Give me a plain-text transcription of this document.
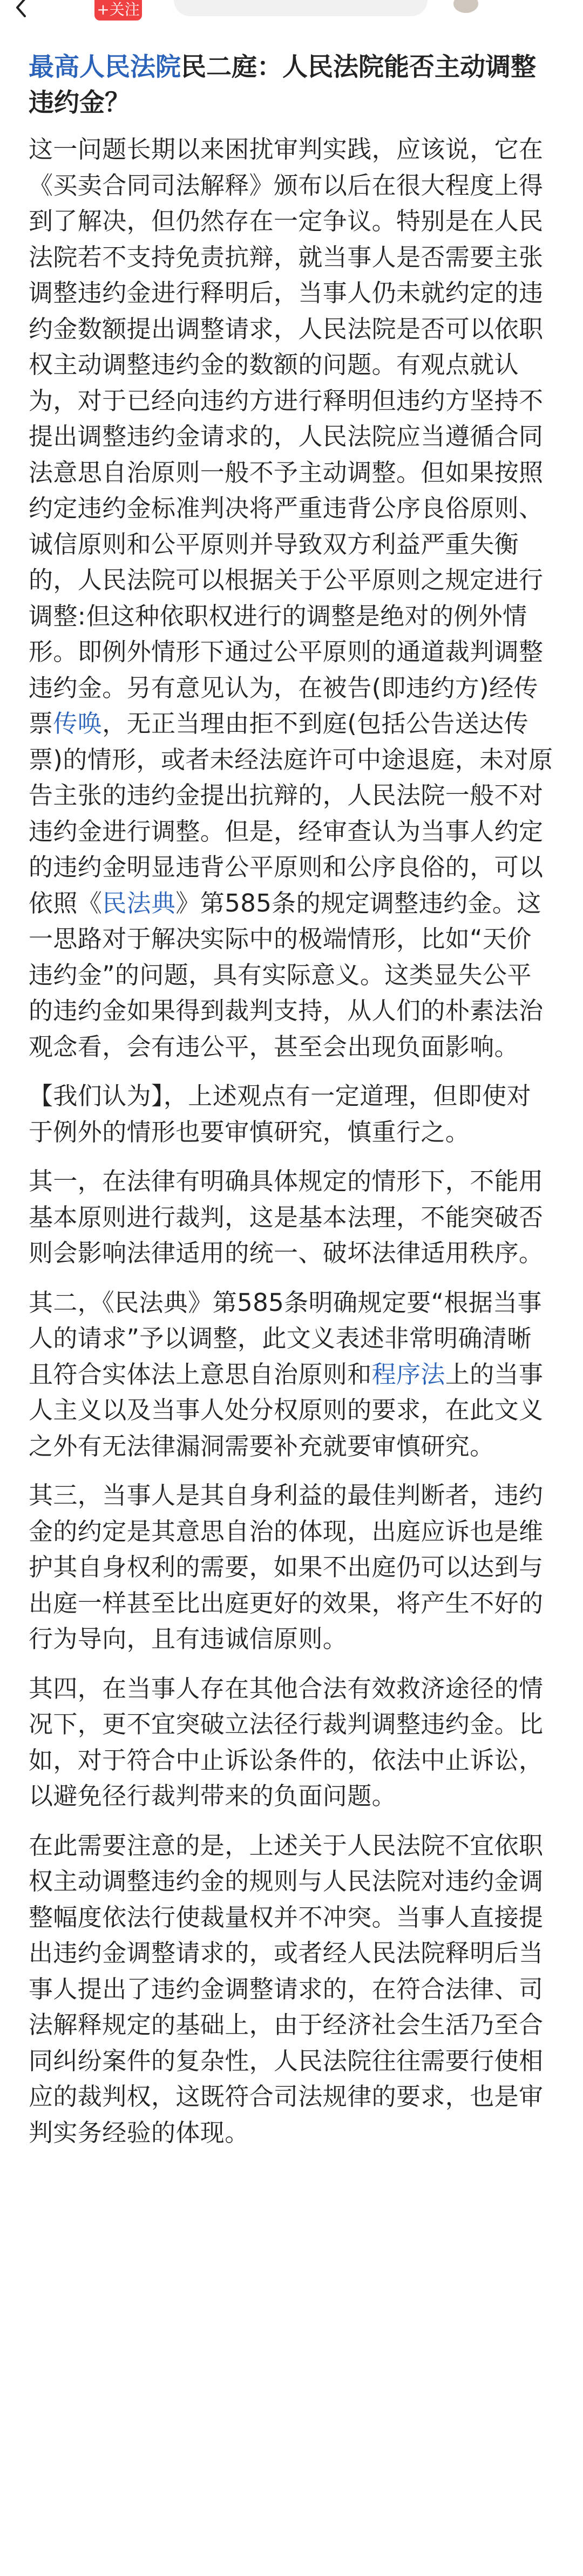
+关注
最高人民法院民二庭：人民法院能否主动调整违约金？

这一问题长期以来困扰审判实践，应该说，它在《买卖合同司法解释》颁布以后在很大程度上得到了解决，但仍然存在一定争议。特别是在人民法院若不支持免责抗辩，就当事人是否需要主张调整违约金进行释明后，当事人仍未就约定的违约金数额提出调整请求，人民法院是否可以依职权主动调整违约金的数额的问题。有观点就认为，对于已经向违约方进行释明但违约方坚持不提出调整违约金请求的，人民法院应当遵循合同法意思自治原则一般不予主动调整。但如果按照约定违约金标准判决将严重违背公序良俗原则、诚信原则和公平原则并导致双方利益严重失衡的，人民法院可以根据关于公平原则之规定进行调整:但这种依职权进行的调整是绝对的例外情形。即例外情形下通过公平原则的通道裁判调整违约金。另有意见认为，在被告(即违约方)经传票传唤，无正当理由拒不到庭(包括公告送达传票)的情形，或者未经法庭许可中途退庭，未对原告主张的违约金提出抗辩的，人民法院一般不对违约金进行调整。但是，经审查认为当事人约定的违约金明显违背公平原则和公序良俗的，可以依照《民法典》第585条的规定调整违约金。这一思路对于解决实际中的极端情形，比如“天价违约金”的问题，具有实际意义。这类显失公平的违约金如果得到裁判支持，从人们的朴素法治观念看，会有违公平，甚至会出现负面影响。

【我们认为】，上述观点有一定道理，但即使对于例外的情形也要审慎研究，慎重行之。

其一，在法律有明确具体规定的情形下，不能用基本原则进行裁判，这是基本法理，不能突破否则会影响法律适用的统一、破坏法律适用秩序。

其二，《民法典》第585条明确规定要“根据当事人的请求”予以调整，此文义表述非常明确清晰且符合实体法上意思自治原则和程序法上的当事人主义以及当事人处分权原则的要求，在此文义之外有无法律漏洞需要补充就要审慎研究。

其三，当事人是其自身利益的最佳判断者，违约金的约定是其意思自治的体现，出庭应诉也是维护其自身权利的需要，如果不出庭仍可以达到与出庭一样甚至比出庭更好的效果，将产生不好的行为导向，且有违诚信原则。

其四，在当事人存在其他合法有效救济途径的情况下，更不宜突破立法径行裁判调整违约金。比如，对于符合中止诉讼条件的，依法中止诉讼，以避免径行裁判带来的负面问题。

在此需要注意的是，上述关于人民法院不宜依职权主动调整违约金的规则与人民法院对违约金调整幅度依法行使裁量权并不冲突。当事人直接提出违约金调整请求的，或者经人民法院释明后当事人提出了违约金调整请求的，在符合法律、司法解释规定的基础上，由于经济社会生活乃至合同纠纷案件的复杂性，人民法院往往需要行使相应的裁判权，这既符合司法规律的要求，也是审判实务经验的体现。
